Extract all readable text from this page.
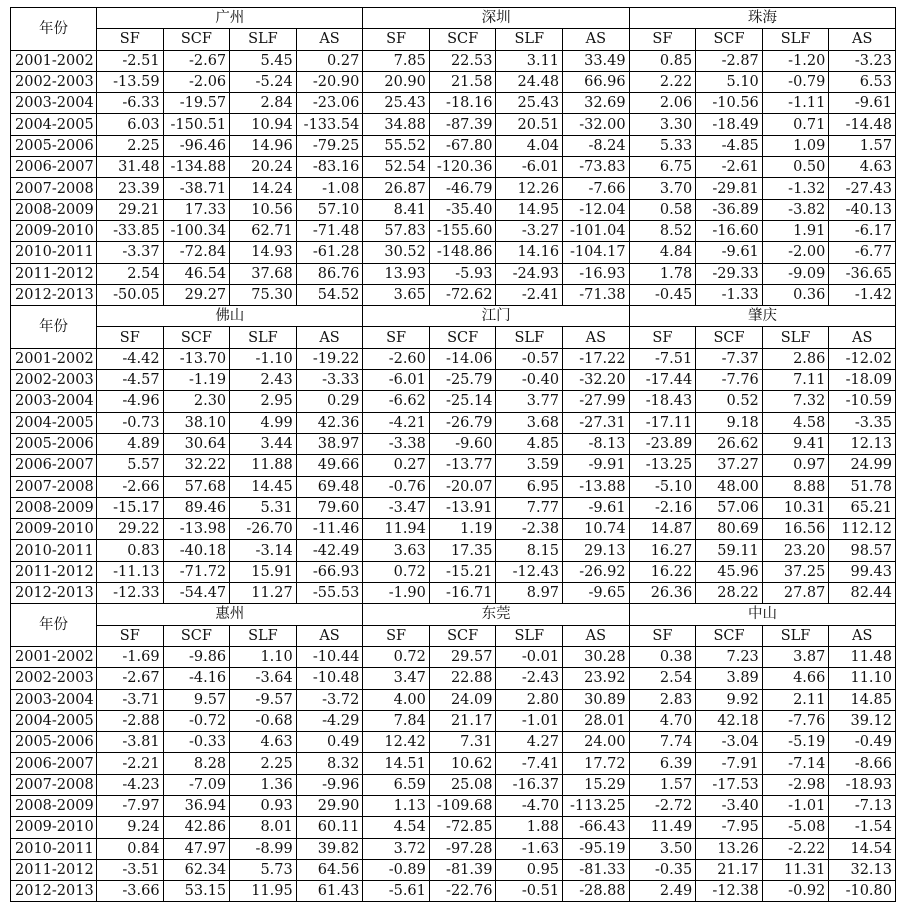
年份	广州				深圳				珠海			
	SF	SCF	SLF	AS	SF	SCF	SLF	AS	SF	SCF	SLF	AS
2001-2002	-2.51	-2.67	5.45	0.27	7.85	22.53	3.11	33.49	0.85	-2.87	-1.20	-3.23
2002-2003	-13.59	-2.06	-5.24	-20.90	20.90	21.58	24.48	66.96	2.22	5.10	-0.79	6.53
2003-2004	-6.33	-19.57	2.84	-23.06	25.43	-18.16	25.43	32.69	2.06	-10.56	-1.11	-9.61
2004-2005	6.03	-150.51	10.94	-133.54	34.88	-87.39	20.51	-32.00	3.30	-18.49	0.71	-14.48
2005-2006	2.25	-96.46	14.96	-79.25	55.52	-67.80	4.04	-8.24	5.33	-4.85	1.09	1.57
2006-2007	31.48	-134.88	20.24	-83.16	52.54	-120.36	-6.01	-73.83	6.75	-2.61	0.50	4.63
2007-2008	23.39	-38.71	14.24	-1.08	26.87	-46.79	12.26	-7.66	3.70	-29.81	-1.32	-27.43
2008-2009	29.21	17.33	10.56	57.10	8.41	-35.40	14.95	-12.04	0.58	-36.89	-3.82	-40.13
2009-2010	-33.85	-100.34	62.71	-71.48	57.83	-155.60	-3.27	-101.04	8.52	-16.60	1.91	-6.17
2010-2011	-3.37	-72.84	14.93	-61.28	30.52	-148.86	14.16	-104.17	4.84	-9.61	-2.00	-6.77
2011-2012	2.54	46.54	37.68	86.76	13.93	-5.93	-24.93	-16.93	1.78	-29.33	-9.09	-36.65
2012-2013	-50.05	29.27	75.30	54.52	3.65	-72.62	-2.41	-71.38	-0.45	-1.33	0.36	-1.42
年份	佛山				江门				肇庆			
	SF	SCF	SLF	AS	SF	SCF	SLF	AS	SF	SCF	SLF	AS
2001-2002	-4.42	-13.70	-1.10	-19.22	-2.60	-14.06	-0.57	-17.22	-7.51	-7.37	2.86	-12.02
2002-2003	-4.57	-1.19	2.43	-3.33	-6.01	-25.79	-0.40	-32.20	-17.44	-7.76	7.11	-18.09
2003-2004	-4.96	2.30	2.95	0.29	-6.62	-25.14	3.77	-27.99	-18.43	0.52	7.32	-10.59
2004-2005	-0.73	38.10	4.99	42.36	-4.21	-26.79	3.68	-27.31	-17.11	9.18	4.58	-3.35
2005-2006	4.89	30.64	3.44	38.97	-3.38	-9.60	4.85	-8.13	-23.89	26.62	9.41	12.13
2006-2007	5.57	32.22	11.88	49.66	0.27	-13.77	3.59	-9.91	-13.25	37.27	0.97	24.99
2007-2008	-2.66	57.68	14.45	69.48	-0.76	-20.07	6.95	-13.88	-5.10	48.00	8.88	51.78
2008-2009	-15.17	89.46	5.31	79.60	-3.47	-13.91	7.77	-9.61	-2.16	57.06	10.31	65.21
2009-2010	29.22	-13.98	-26.70	-11.46	11.94	1.19	-2.38	10.74	14.87	80.69	16.56	112.12
2010-2011	0.83	-40.18	-3.14	-42.49	3.63	17.35	8.15	29.13	16.27	59.11	23.20	98.57
2011-2012	-11.13	-71.72	15.91	-66.93	0.72	-15.21	-12.43	-26.92	16.22	45.96	37.25	99.43
2012-2013	-12.33	-54.47	11.27	-55.53	-1.90	-16.71	8.97	-9.65	26.36	28.22	27.87	82.44
年份	惠州				东莞				中山			
	SF	SCF	SLF	AS	SF	SCF	SLF	AS	SF	SCF	SLF	AS
2001-2002	-1.69	-9.86	1.10	-10.44	0.72	29.57	-0.01	30.28	0.38	7.23	3.87	11.48
2002-2003	-2.67	-4.16	-3.64	-10.48	3.47	22.88	-2.43	23.92	2.54	3.89	4.66	11.10
2003-2004	-3.71	9.57	-9.57	-3.72	4.00	24.09	2.80	30.89	2.83	9.92	2.11	14.85
2004-2005	-2.88	-0.72	-0.68	-4.29	7.84	21.17	-1.01	28.01	4.70	42.18	-7.76	39.12
2005-2006	-3.81	-0.33	4.63	0.49	12.42	7.31	4.27	24.00	7.74	-3.04	-5.19	-0.49
2006-2007	-2.21	8.28	2.25	8.32	14.51	10.62	-7.41	17.72	6.39	-7.91	-7.14	-8.66
2007-2008	-4.23	-7.09	1.36	-9.96	6.59	25.08	-16.37	15.29	1.57	-17.53	-2.98	-18.93
2008-2009	-7.97	36.94	0.93	29.90	1.13	-109.68	-4.70	-113.25	-2.72	-3.40	-1.01	-7.13
2009-2010	9.24	42.86	8.01	60.11	4.54	-72.85	1.88	-66.43	11.49	-7.95	-5.08	-1.54
2010-2011	0.84	47.97	-8.99	39.82	3.72	-97.28	-1.63	-95.19	3.50	13.26	-2.22	14.54
2011-2012	-3.51	62.34	5.73	64.56	-0.89	-81.39	0.95	-81.33	-0.35	21.17	11.31	32.13
2012-2013	-3.66	53.15	11.95	61.43	-5.61	-22.76	-0.51	-28.88	2.49	-12.38	-0.92	-10.80
